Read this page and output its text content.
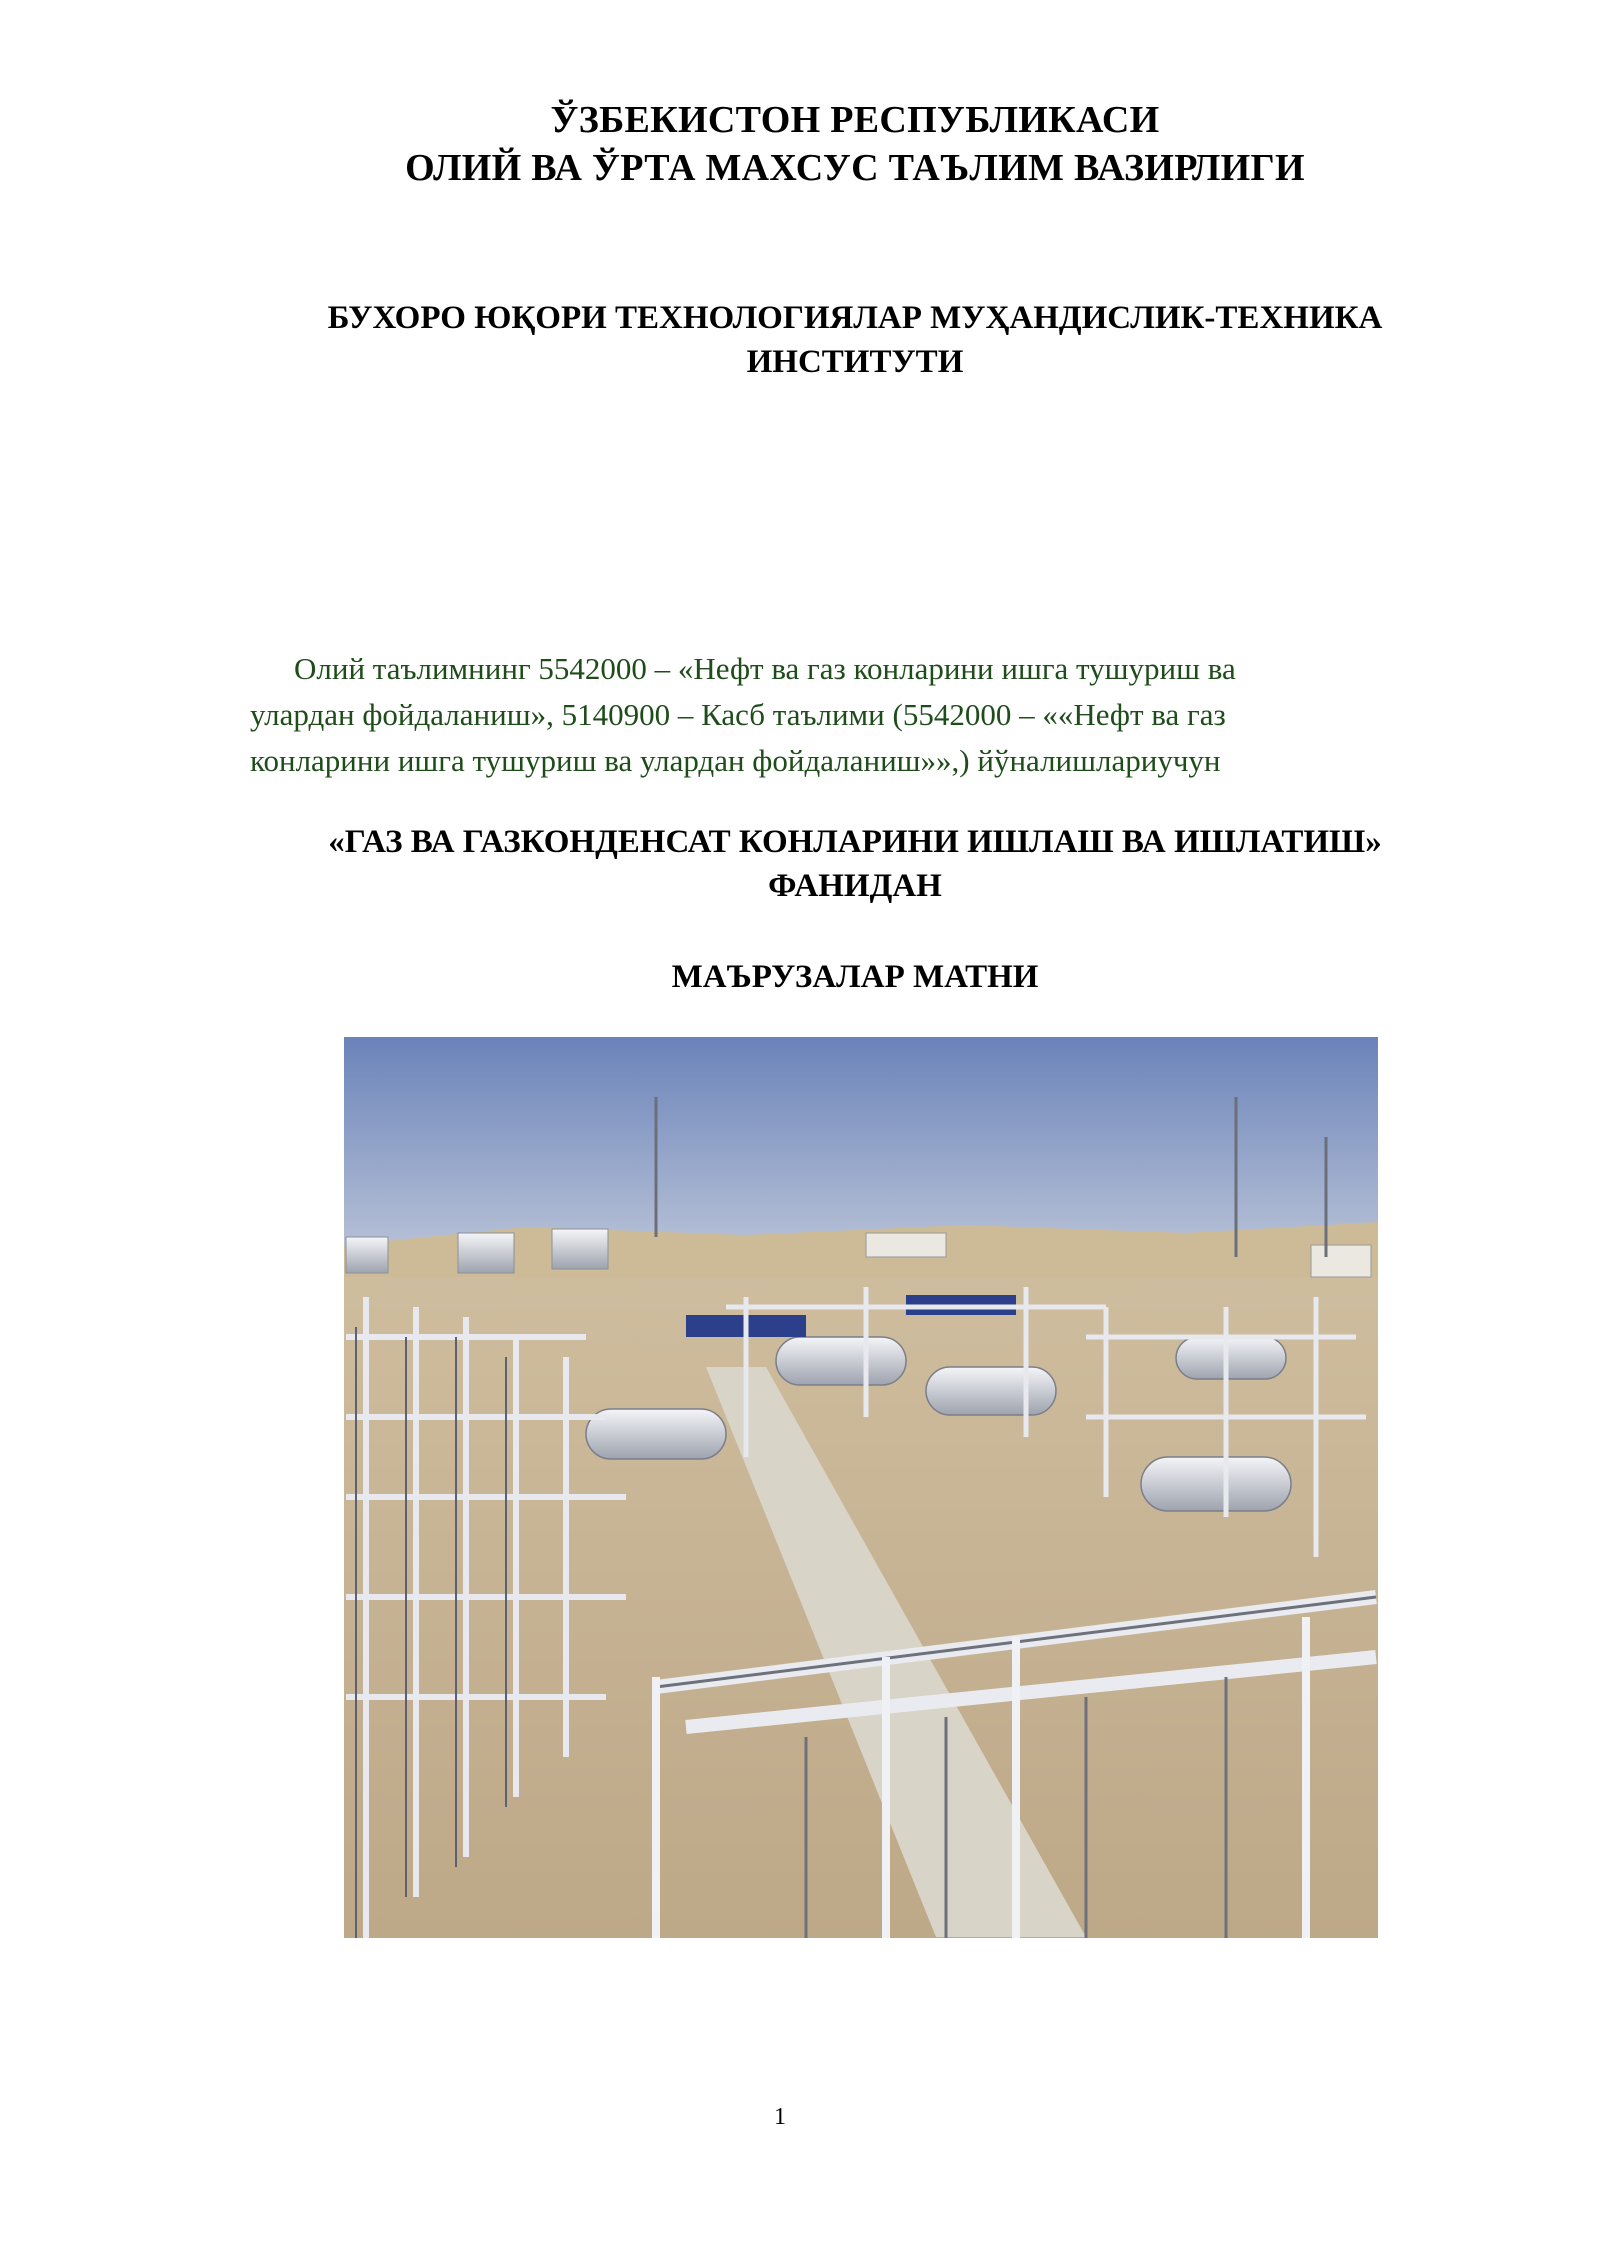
ЎЗБЕКИСТОН РЕСПУБЛИКАСИ
ОЛИЙ ВА ЎРТА МАХСУС ТАЪЛИМ ВАЗИРЛИГИ
БУХОРО ЮҚОРИ ТЕХНОЛОГИЯЛАР МУҲАНДИСЛИК-ТЕХНИКА
ИНСТИТУТИ
Олий таълимнинг 5542000 – «Нефт ва газ конларини ишга тушуриш ва
улардан фойдаланиш», 5140900 – Касб таълими (5542000 – ««Нефт ва газ
конларини ишга тушуриш ва улардан фойдаланиш»»,) йўналишлариучун
«ГАЗ ВА ГАЗКОНДЕНСАТ КОНЛАРИНИ ИШЛАШ ВА ИШЛАТИШ»
ФАНИДАН
МАЪРУЗАЛАР МАТНИ
1
